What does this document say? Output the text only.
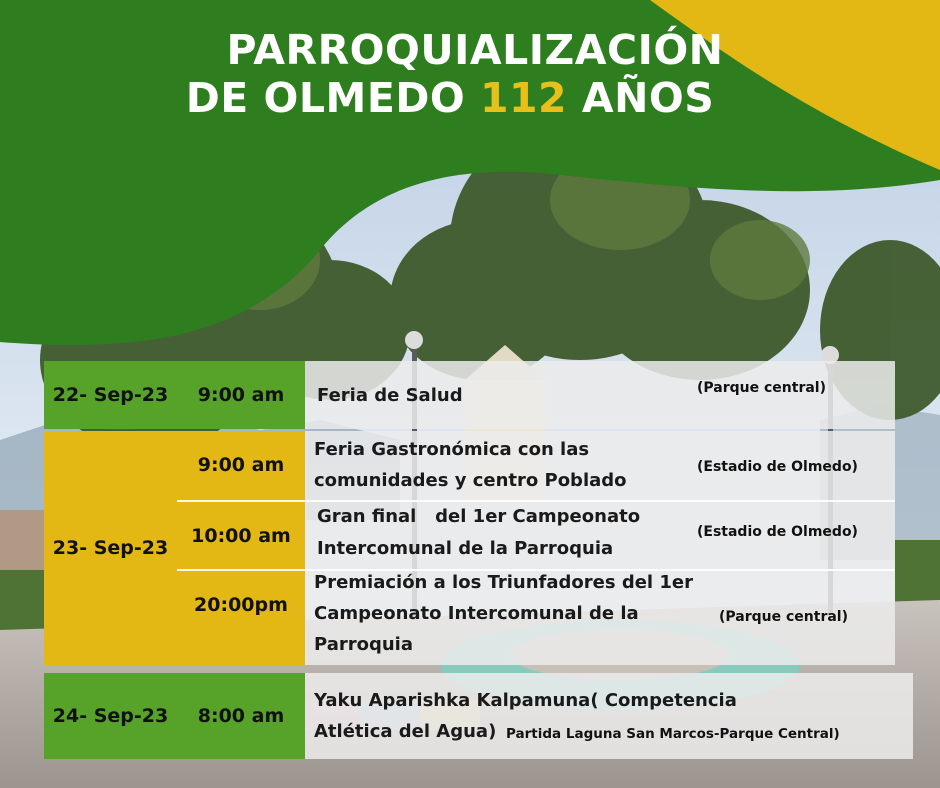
PARROQUIALIZACIÓN
DE OLMEDO 112 AÑOS
22- Sep-23 9:00 am Feria de Salud	(Parque central)
23- Sep-23
9:00 am
Feria Gastronómica con las
comunidades y centro Poblado
(Estadio de Olmedo)
10:00 am
Gran final   del 1er Campeonato
Intercomunal de la Parroquia
(Estadio de Olmedo)
20:00pm
Premiación a los Triunfadores del 1er
Campeonato Intercomunal de la
Parroquia
(Parque central)
24- Sep-23 8:00 am
Yaku Aparishka Kalpamuna( Competencia
Atlética del Agua) Partida Laguna San Marcos-Parque Central)
